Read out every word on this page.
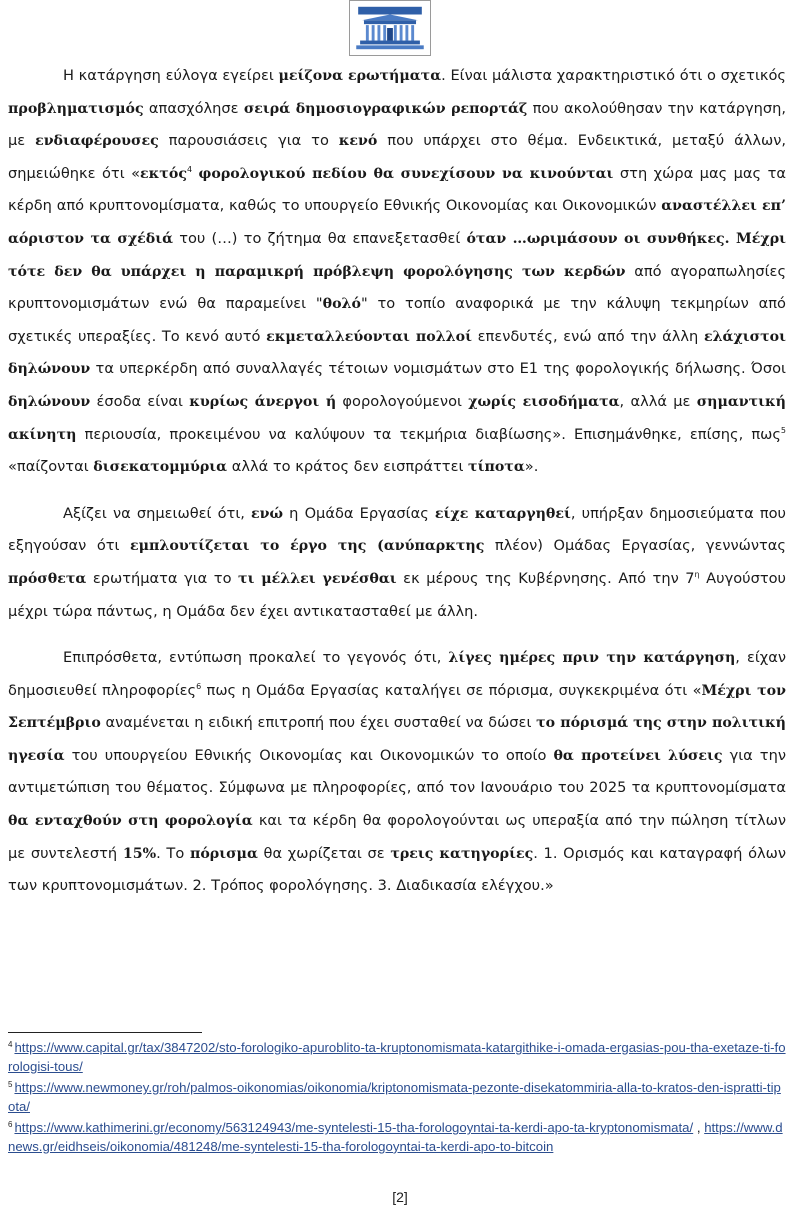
Η κατάργηση εύλογα εγείρει μείζονα ερωτήματα. Είναι μάλιστα χαρακτηριστικό ότι ο σχετικός προβληματισμός απασχόλησε σειρά δημοσιογραφικών ρεπορτάζ που ακολούθησαν την κατάργηση, με ενδιαφέρουσες παρουσιάσεις για το κενό που υπάρχει στο θέμα. Ενδεικτικά, μεταξύ άλλων, σημειώθηκε ότι «εκτός$^4$ φορολογικού πεδίου θα συνεχίσουν να κινούνται στη χώρα μας μας τα κέρδη από κρυπτονομίσματα, καθώς το υπουργείο Εθνικής Οικονομίας και Οικονομικών αναστέλλει επ’ αόριστον τα σχέδιά του (…) το ζήτημα θα επανεξετασθεί όταν …ωριμάσουν οι συνθήκες. Μέχρι τότε δεν θα υπάρχει η παραμικρή πρόβλεψη φορολόγησης των κερδών από αγοραπωλησίες κρυπτονομισμάτων ενώ θα παραμείνει "θολό" το τοπίο αναφορικά με την κάλυψη τεκμηρίων από σχετικές υπεραξίες. Το κενό αυτό εκμεταλλεύονται πολλοί επενδυτές, ενώ από την άλλη ελάχιστοι δηλώνουν τα υπερκέρδη από συναλλαγές τέτοιων νομισμάτων στο Ε1 της φορολογικής δήλωσης. Όσοι δηλώνουν έσοδα είναι κυρίως άνεργοι ή φορολογούμενοι χωρίς εισοδήματα, αλλά με σημαντική ακίνητη περιουσία, προκειμένου να καλύψουν τα τεκμήρια διαβίωσης». Επισημάνθηκε, επίσης, πως$^5$ «παίζονται δισεκατομμύρια αλλά το κράτος δεν εισπράττει τίποτα».

Αξίζει να σημειωθεί ότι, ενώ η Ομάδα Εργασίας είχε καταργηθεί, υπήρξαν δημοσιεύματα που εξηγούσαν ότι εμπλουτίζεται το έργο της (ανύπαρκτης πλέον) Ομάδας Εργασίας, γεννώντας πρόσθετα ερωτήματα για το τι μέλλει γενέσθαι εκ μέρους της Κυβέρνησης. Από την $7^\eta$ Αυγούστου μέχρι τώρα πάντως, η Ομάδα δεν έχει αντικατασταθεί με άλλη.

Επιπρόσθετα, εντύπωση προκαλεί το γεγονός ότι, λίγες ημέρες πριν την κατάργηση, είχαν δημοσιευθεί πληροφορίες$^6$ πως η Ομάδα Εργασίας καταλήγει σε πόρισμα, συγκεκριμένα ότι «Μέχρι τον Σεπτέμβριο αναμένεται η ειδική επιτροπή που έχει συσταθεί να δώσει το πόρισμά της στην πολιτική ηγεσία του υπουργείου Εθνικής Οικονομίας και Οικονομικών το οποίο θα προτείνει λύσεις για την αντιμετώπιση του θέματος. Σύμφωνα με πληροφορίες, από τον Ιανουάριο του 2025 τα κρυπτονομίσματα θα ενταχθούν στη φορολογία και τα κέρδη θα φορολογούνται ως υπεραξία από την πώληση τίτλων με συντελεστή 15%. Το πόρισμα θα χωρίζεται σε τρεις κατηγορίες. 1. Ορισμός και καταγραφή όλων των κρυπτονομισμάτων. 2. Τρόπος φορολόγησης. 3. Διαδικασία ελέγχου.»

$^4$ https://www.capital.gr/tax/3847202/sto-forologiko-apuroblito-ta-kruptonomismata-katargithike-i-omada-ergasias-pou-tha-exetaze-ti-forologisi-tous/
$^5$ https://www.newmoney.gr/roh/palmos-oikonomias/oikonomia/kriptonomismata-pezonte-disekatommiria-alla-to-kratos-den-ispratti-tipota/
$^6$ https://www.kathimerini.gr/economy/563124943/me-syntelesti-15-tha-forologoyntai-ta-kerdi-apo-ta-kryptonomismata/ , https://www.dnews.gr/eidhseis/oikonomia/481248/me-syntelesti-15-tha-forologoyntai-ta-kerdi-apo-to-bitcoin
[2]
